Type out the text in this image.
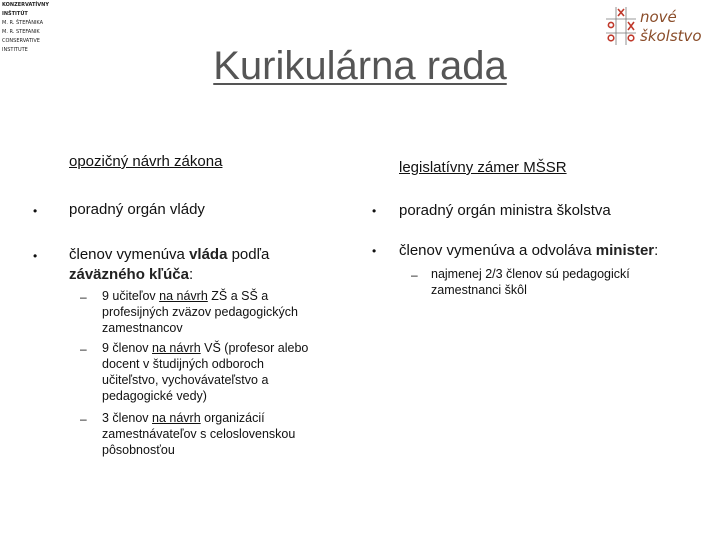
KONZERVATÍVNY
INŠTITÚT
M. R. ŠTEFÁNIKA
M. R. STEFANIK
CONSERVATIVE
INSTITUTE
nové
školstvo
Kurikulárna rada
opozičný návrh zákona
• poradný orgán vlády
• členov vymenúva vláda podľa
záväzného kľúča:
– 9 učiteľov na návrh ZŠ a SŠ a
profesijných zväzov pedagogických
zamestnancov
– 9 členov na návrh VŠ (profesor alebo
docent v študijných odboroch
učiteľstvo, vychovávateľstvo a
pedagogické vedy)
– 3 členov na návrh organizácií
zamestnávateľov s celoslovenskou
pôsobnosťou
legislatívny zámer MŠSR
• poradný orgán ministra školstva
• členov vymenúva a odvoláva minister:
– najmenej 2/3 členov sú pedagogickí
zamestnanci škôl
